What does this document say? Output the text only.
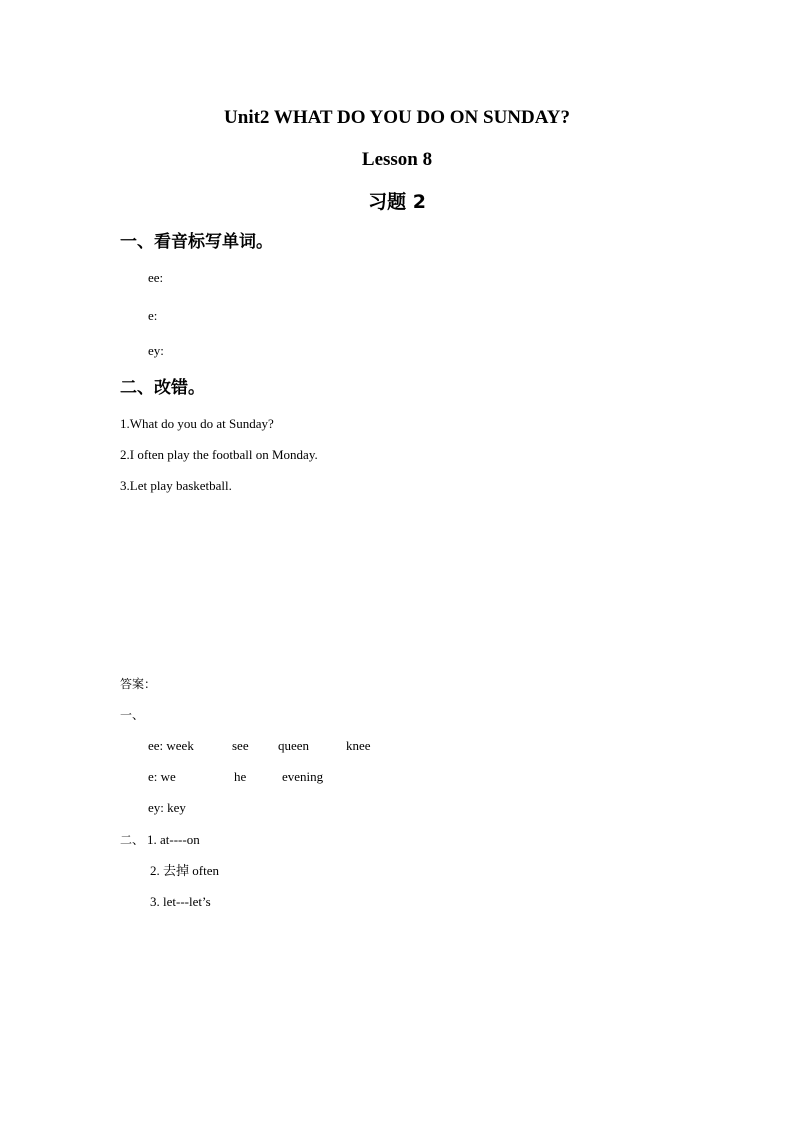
Unit2 WHAT DO YOU DO ON SUNDAY?
Lesson 8
习题 2
一、看音标写单词。
ee:
e:
ey:
二、改错。
1.What do you do at Sunday?
2.I often play the football on Monday.
3.Let play basketball.
答案：
一、
ee: week	see queen	knee
e: we	he	evening
ey: key
二、 1. at----on
2. 去掉 often
3. let---let’s
